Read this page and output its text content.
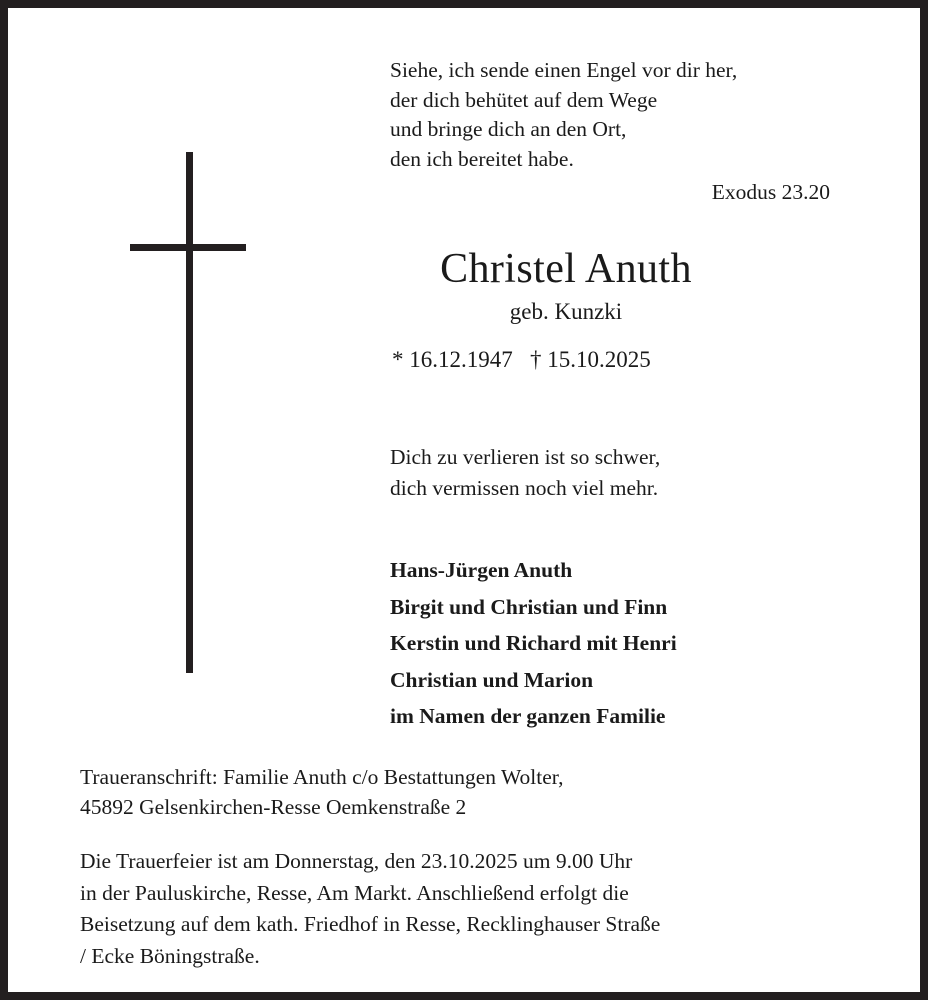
Siehe, ich sende einen Engel vor dir her,
der dich behütet auf dem Wege
und bringe dich an den Ort,
den ich bereitet habe.
Exodus 23.20
Christel Anuth
geb. Kunzki
* 16.12.1947   † 15.10.2025
Dich zu verlieren ist so schwer,
dich vermissen noch viel mehr.
Hans-Jürgen Anuth
Birgit und Christian und Finn
Kerstin und Richard mit Henri
Christian und Marion
im Namen der ganzen Familie
Traueranschrift: Familie Anuth c/o Bestattungen Wolter,
45892 Gelsenkirchen-Resse Oemkenstraße 2
Die Trauerfeier ist am Donnerstag, den 23.10.2025 um 9.00 Uhr
in der Pauluskirche, Resse, Am Markt. Anschließend erfolgt die
Beisetzung auf dem kath. Friedhof in Resse, Recklinghauser Straße
/ Ecke Böningstraße.
